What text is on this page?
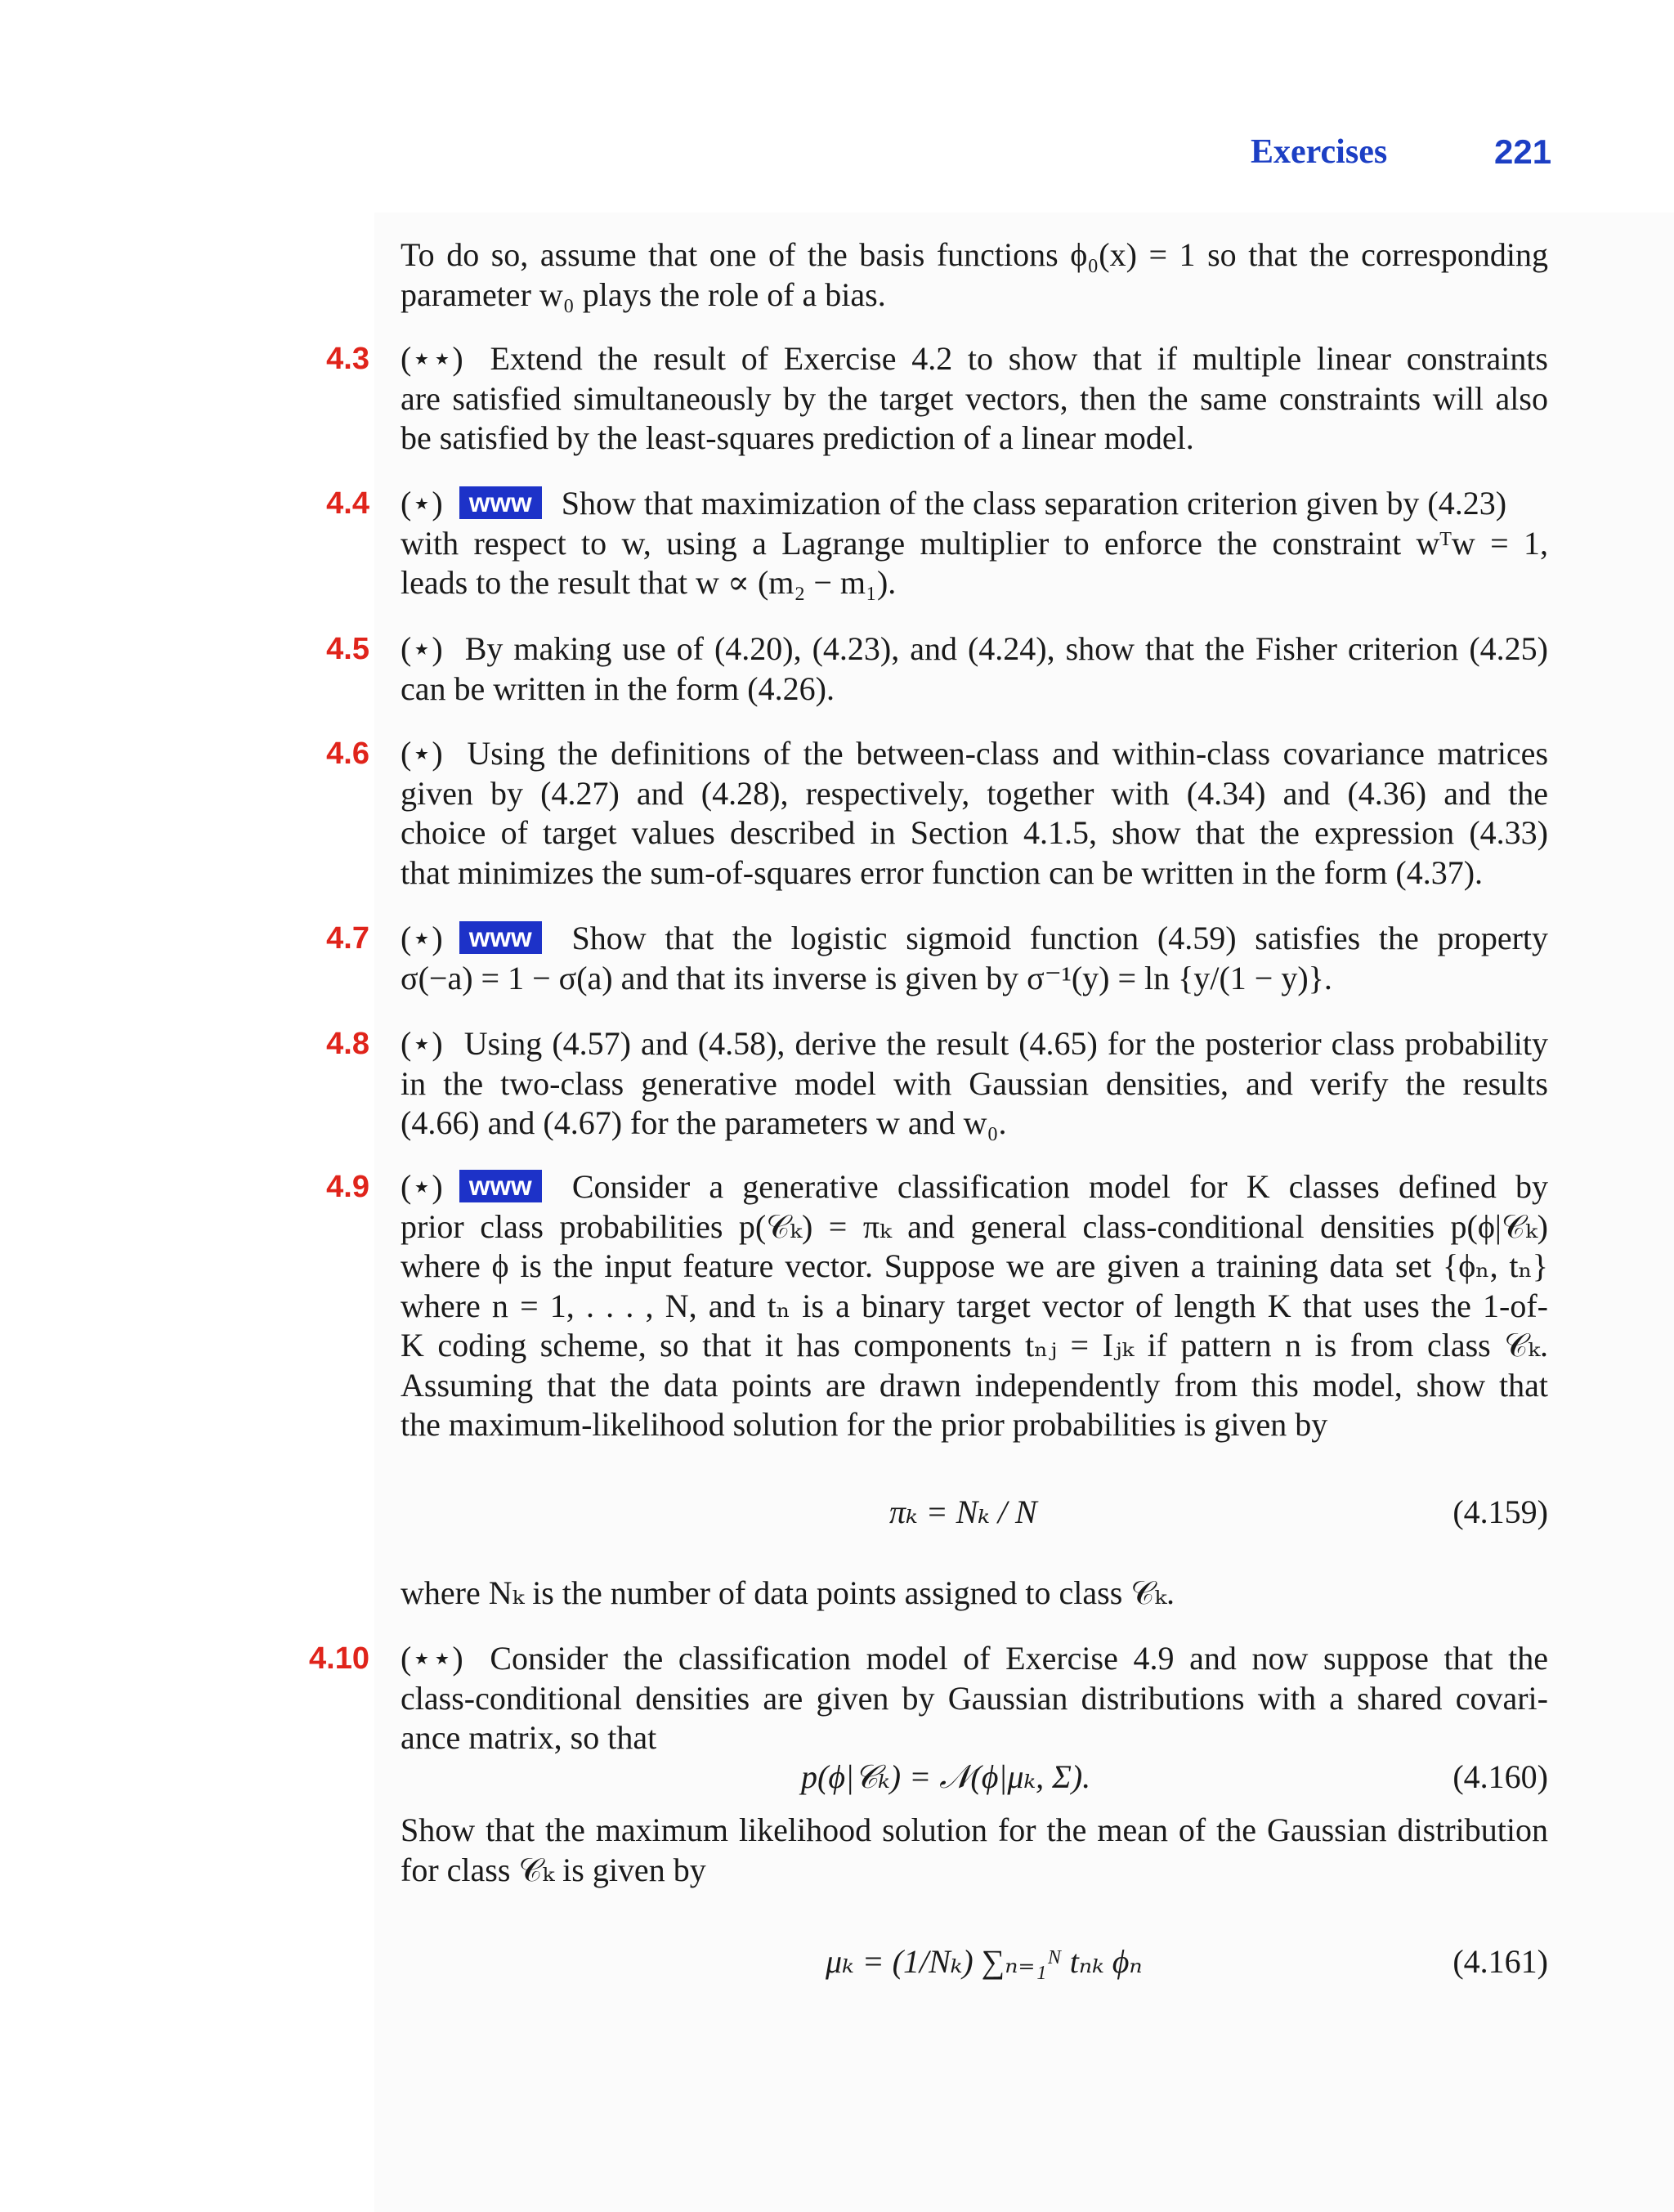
Exercises	221
To do so, assume that one of the basis functions ϕ₀(x) = 1 so that the corresponding
parameter w₀ plays the role of a bias.
4.3 (⋆⋆) Extend the result of Exercise 4.2 to show that if multiple linear constraints
are satisfied simultaneously by the target vectors, then the same constraints will also
be satisfied by the least-squares prediction of a linear model.
4.4 (⋆) www Show that maximization of the class separation criterion given by (4.23)
with respect to w, using a Lagrange multiplier to enforce the constraint wᵀw = 1,
leads to the result that w ∝ (m₂ − m₁).
4.5 (⋆) By making use of (4.20), (4.23), and (4.24), show that the Fisher criterion (4.25)
can be written in the form (4.26).
4.6 (⋆) Using the definitions of the between-class and within-class covariance matrices
given by (4.27) and (4.28), respectively, together with (4.34) and (4.36) and the
choice of target values described in Section 4.1.5, show that the expression (4.33)
that minimizes the sum-of-squares error function can be written in the form (4.37).
4.7 (⋆) www Show that the logistic sigmoid function (4.59) satisfies the property
σ(−a) = 1 − σ(a) and that its inverse is given by σ⁻¹(y) = ln {y/(1 − y)}.
4.8 (⋆) Using (4.57) and (4.58), derive the result (4.65) for the posterior class probability
in the two-class generative model with Gaussian densities, and verify the results
(4.66) and (4.67) for the parameters w and w₀.
4.9 (⋆) www Consider a generative classification model for K classes defined by
prior class probabilities p(𝒞ₖ) = πₖ and general class-conditional densities p(ϕ|𝒞ₖ)
where ϕ is the input feature vector. Suppose we are given a training data set {ϕₙ, tₙ}
where n = 1, . . . , N, and tₙ is a binary target vector of length K that uses the 1-of-
K coding scheme, so that it has components tₙⱼ = Iⱼₖ if pattern n is from class 𝒞ₖ.
Assuming that the data points are drawn independently from this model, show that
the maximum-likelihood solution for the prior probabilities is given by
πₖ = Nₖ / N	(4.159)
where Nₖ is the number of data points assigned to class 𝒞ₖ.
4.10 (⋆⋆) Consider the classification model of Exercise 4.9 and now suppose that the
class-conditional densities are given by Gaussian distributions with a shared covari-
ance matrix, so that
p(ϕ|𝒞ₖ) = 𝒩(ϕ|μₖ, Σ).	(4.160)
Show that the maximum likelihood solution for the mean of the Gaussian distribution
for class 𝒞ₖ is given by
μₖ = (1/Nₖ) ∑ₙ₌₁ᴺ tₙₖ ϕₙ	(4.161)
